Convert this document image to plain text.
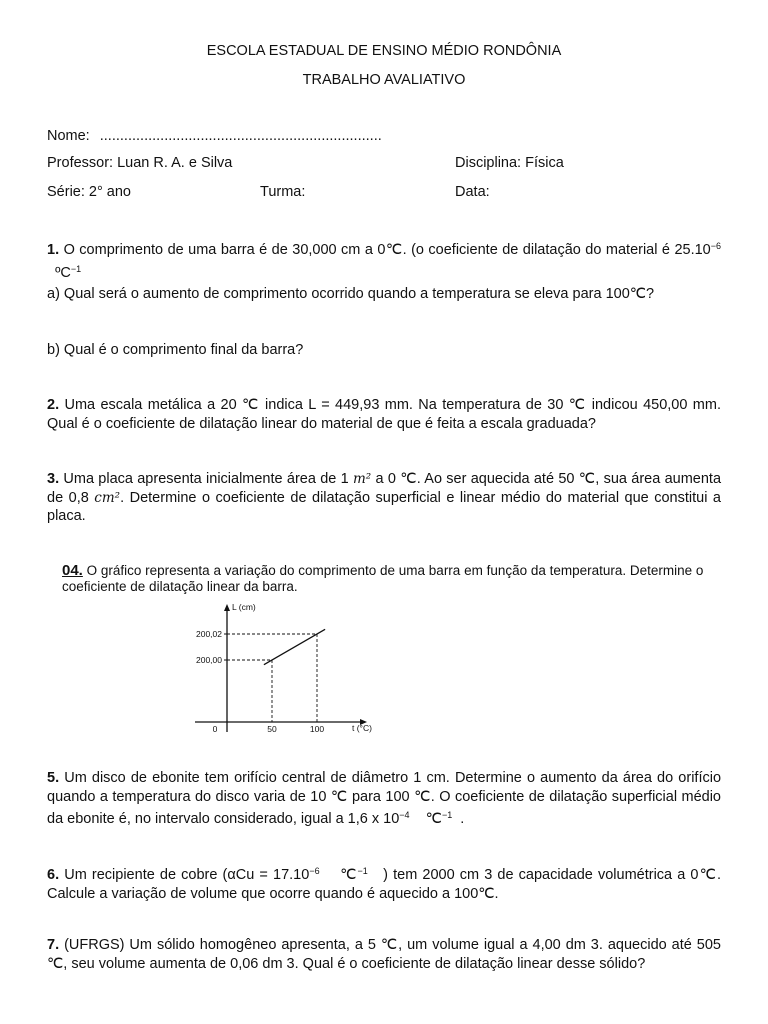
ESCOLA ESTADUAL DE ENSINO MÉDIO RONDÔNIA
TRABALHO AVALIATIVO
Nome: ......................................................................
Professor: Luan R. A. e Silva	Disciplina: Física
Série: 2° ano	Turma:	Data:
1. O comprimento de uma barra é de 30,000 cm a 0℃. (o coeficiente de dilatação do material é $25.10^{-6}$   ºC$^{-1}$
a) Qual será o aumento de comprimento ocorrido quando a temperatura se eleva para 100℃?
b) Qual é o comprimento final da barra?
2. Uma escala metálica a 20 ℃ indica L = 449,93 mm. Na temperatura de 30 ℃ indicou 450,00 mm. Qual é o coeficiente de dilatação linear do material de que é feita a escala graduada?
3. Uma placa apresenta inicialmente área de 1 m² a 0 ℃. Ao ser aquecida até 50 ℃, sua área aumenta de 0,8 cm². Determine o coeficiente de dilatação superficial e linear médio do material que constitui a placa.
04. O gráfico representa a variação do comprimento de uma barra em função da temperatura. Determine o coeficiente de dilatação linear da barra.
L (cm)
t (°C)
0	50	100
200,00
200,02
5. Um disco de ebonite tem orifício central de diâmetro 1 cm. Determine o aumento da área do orifício quando a temperatura do disco varia de 10 ℃ para 100 ℃. O coeficiente de dilatação superficial médio da ebonite é, no intervalo considerado, igual a 1,6 x $10^{-4}$ ℃$^{-1}$ .
6. Um recipiente de cobre ($\alpha Cu = 17.10^{-6}$ ℃$^{-1}$ ) tem 2000 cm 3 de capacidade volumétrica a 0℃. Calcule a variação de volume que ocorre quando é aquecido a 100℃.
7. (UFRGS) Um sólido homogêneo apresenta, a 5 ℃, um volume igual a 4,00 dm 3. aquecido até 505 ℃, seu volume aumenta de 0,06 dm 3. Qual é o coeficiente de dilatação linear desse sólido?
